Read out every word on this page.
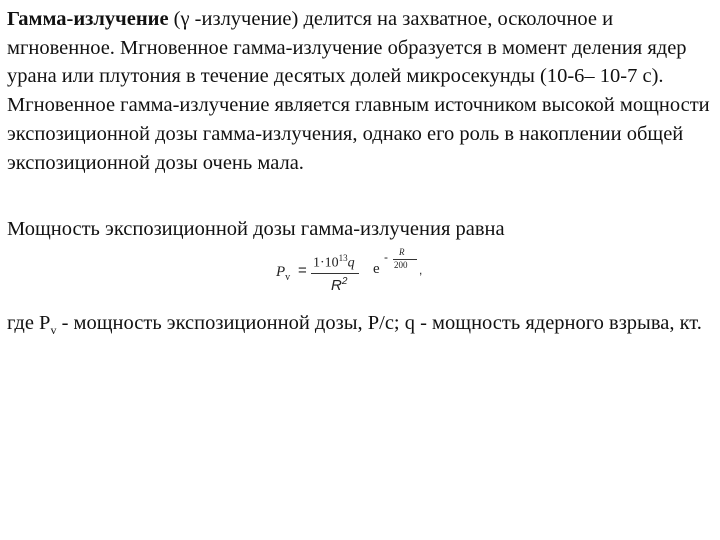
Гамма-излучение (γ -излучение) делится на захватное, осколочное и мгновенное. Мгновенное гамма-излучение образуется в момент деления ядер урана или плутония в течение десятых долей микросекунды (10-6– 10-7 с). Мгновенное гамма-излучение является главным источником высокой мощности экспозиционной дозы гамма-излучения, однако его роль в накоплении общей экспозиционной дозы очень мала.

Мощность экспозиционной дозы гамма-излучения равна

$P_v = 1\cdot 10^{13}q$
$R^2$
e
- R
200 ,

где $P_v$ - мощность экспозиционной дозы, Р/с; q - мощность ядерного взрыва, кт.
